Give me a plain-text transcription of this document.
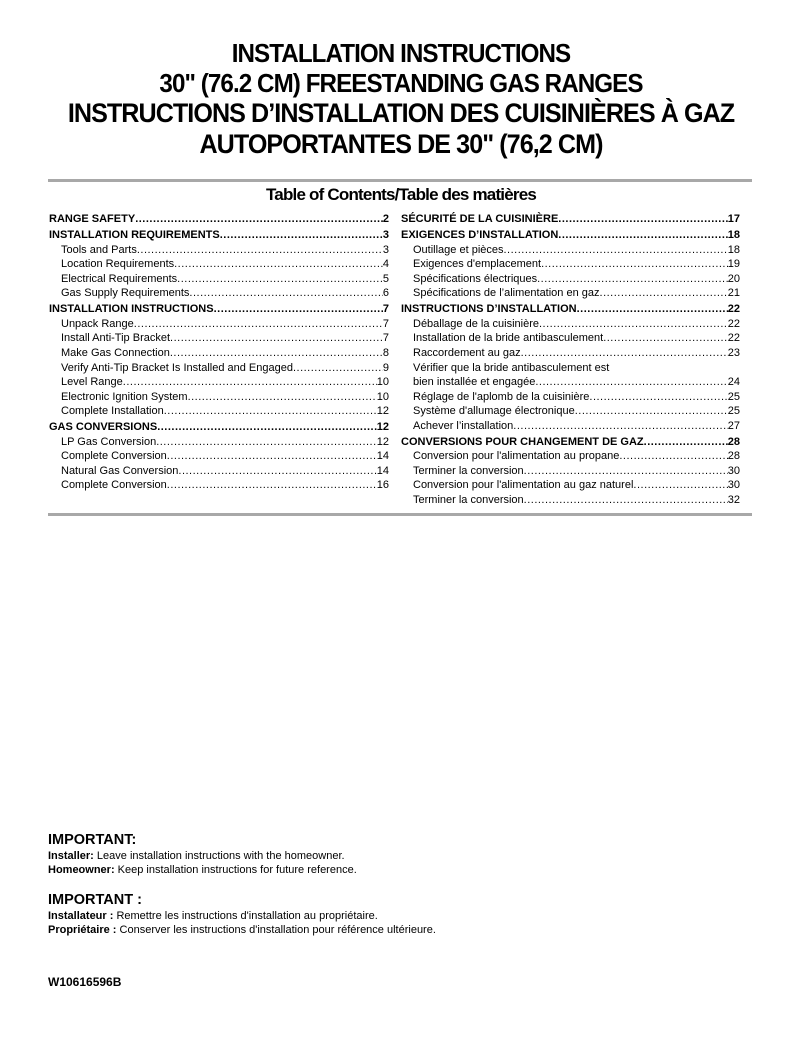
INSTALLATION INSTRUCTIONS
30" (76.2 CM) FREESTANDING GAS RANGES
INSTRUCTIONS D’INSTALLATION DES CUISINIÈRES À GAZ
AUTOPORTANTES DE 30" (76,2 CM)
Table of Contents/Table des matières
RANGE SAFETY .....	2
INSTALLATION REQUIREMENTS .....	3
Tools and Parts .....	3
Location Requirements .....	4
Electrical Requirements .....	5
Gas Supply Requirements .....	6
INSTALLATION INSTRUCTIONS .....	7
Unpack Range .....	7
Install Anti-Tip Bracket .....	7
Make Gas Connection .....	8
Verify Anti-Tip Bracket Is Installed and Engaged .....	9
Level Range .....	10
Electronic Ignition System .....	10
Complete Installation .....	12
GAS CONVERSIONS .....	12
LP Gas Conversion .....	12
Complete Conversion .....	14
Natural Gas Conversion .....	14
Complete Conversion .....	16
SÉCURITÉ DE LA CUISINIÈRE .....	17
EXIGENCES D’INSTALLATION .....	18
Outillage et pièces .....	18
Exigences d'emplacement .....	19
Spécifications électriques .....	20
Spécifications de l’alimentation en gaz .....	21
INSTRUCTIONS D’INSTALLATION .....	22
Déballage de la cuisinière .....	22
Installation de la bride antibasculement .....	22
Raccordement au gaz .....	23
Vérifier que la bride antibasculement est
bien installée et engagée .....	24
Réglage de l'aplomb de la cuisinière .....	25
Système d'allumage électronique .....	25
Achever l’installation .....	27
CONVERSIONS POUR CHANGEMENT DE GAZ .....	28
Conversion pour l'alimentation au propane .....	28
Terminer la conversion .....	30
Conversion pour l'alimentation au gaz naturel .....	30
Terminer la conversion .....	32
IMPORTANT:
Installer: Leave installation instructions with the homeowner.
Homeowner: Keep installation instructions for future reference.
IMPORTANT :
Installateur : Remettre les instructions d'installation au propriétaire.
Propriétaire : Conserver les instructions d'installation pour référence ultérieure.
W10616596B
